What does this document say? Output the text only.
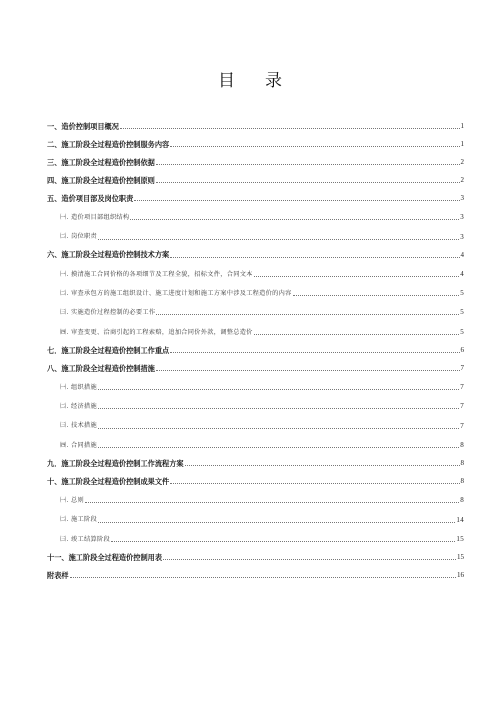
目 录
一、造价控制项目概况	1
二、施工阶段全过程造价控制服务内容	1
三、施工阶段全过程造价控制依据	2
四、施工阶段全过程造价控制原则	2
五、造价项目部及岗位职责	3
㈠. 造价项目部组织结构	3
㈡. 岗位职责	3
六、施工阶段全过程造价控制技术方案	4
㈠. 摸清施工合同价格的各项细节及工程全貌，招标文件，合同文本	4
㈡. 审查承包方的施工组织设计、施工进度计划和施工方案中涉及工程造价的内容	5
㈢. 实施造价过程控制的必要工作	5
㈣. 审查变更、洽商引起的工程索赔，追加合同价外款，调整总造价	5
七．施工阶段全过程造价控制工作重点	6
八、施工阶段全过程造价控制措施	7
㈠. 组织措施	7
㈡. 经济措施	7
㈢. 技术措施	7
㈣. 合同措施	8
九．施工阶段全过程造价控制工作流程方案	8
十、施工阶段全过程造价控制成果文件	8
㈠. 总则	8
㈡. 施工阶段	14
㈢. 竣工结算阶段	15
十一、施工阶段全过程造价控制用表	15
附表样	16
